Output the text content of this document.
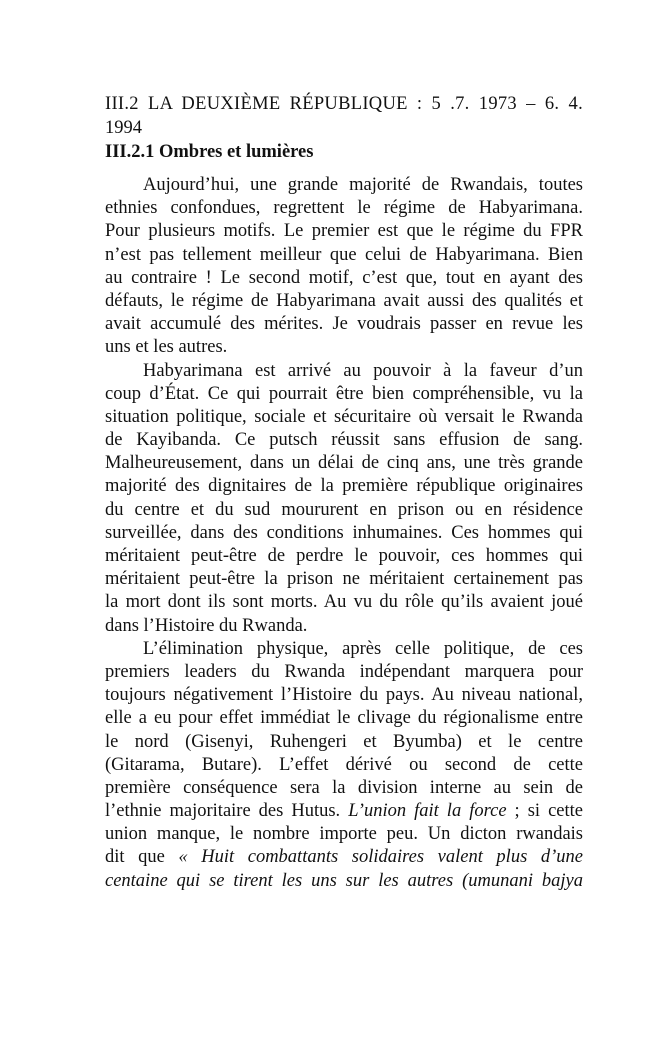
III.2 LA DEUXIÈME RÉPUBLIQUE : 5 .7. 1973 – 6. 4.
1994
III.2.1 Ombres et lumières
Aujourd’hui, une grande majorité de Rwandais, toutes
ethnies confondues, regrettent le régime de Habyarimana.
Pour plusieurs motifs. Le premier est que le régime du FPR
n’est pas tellement meilleur que celui de Habyarimana. Bien
au contraire ! Le second motif, c’est que, tout en ayant des
défauts, le régime de Habyarimana avait aussi des qualités et
avait accumulé des mérites. Je voudrais passer en revue les
uns et les autres.
Habyarimana est arrivé au pouvoir à la faveur d’un
coup d’État. Ce qui pourrait être bien compréhensible, vu la
situation politique, sociale et sécuritaire où versait le Rwanda
de Kayibanda. Ce putsch réussit sans effusion de sang.
Malheureusement, dans un délai de cinq ans, une très grande
majorité des dignitaires de la première république originaires
du centre et du sud moururent en prison ou en résidence
surveillée, dans des conditions inhumaines. Ces hommes qui
méritaient peut-être de perdre le pouvoir, ces hommes qui
méritaient peut-être la prison ne méritaient certainement pas
la mort dont ils sont morts. Au vu du rôle qu’ils avaient joué
dans l’Histoire du Rwanda.
L’élimination physique, après celle politique, de ces
premiers leaders du Rwanda indépendant marquera pour
toujours négativement l’Histoire du pays. Au niveau national,
elle a eu pour effet immédiat le clivage du régionalisme entre
le nord (Gisenyi, Ruhengeri et Byumba) et le centre
(Gitarama, Butare). L’effet dérivé ou second de cette
première conséquence sera la division interne au sein de
l’ethnie majoritaire des Hutus. L’union fait la force ; si cette
union manque, le nombre importe peu. Un dicton rwandais
dit que « Huit combattants solidaires valent plus d’une
centaine qui se tirent les uns sur les autres (umunani bajya
